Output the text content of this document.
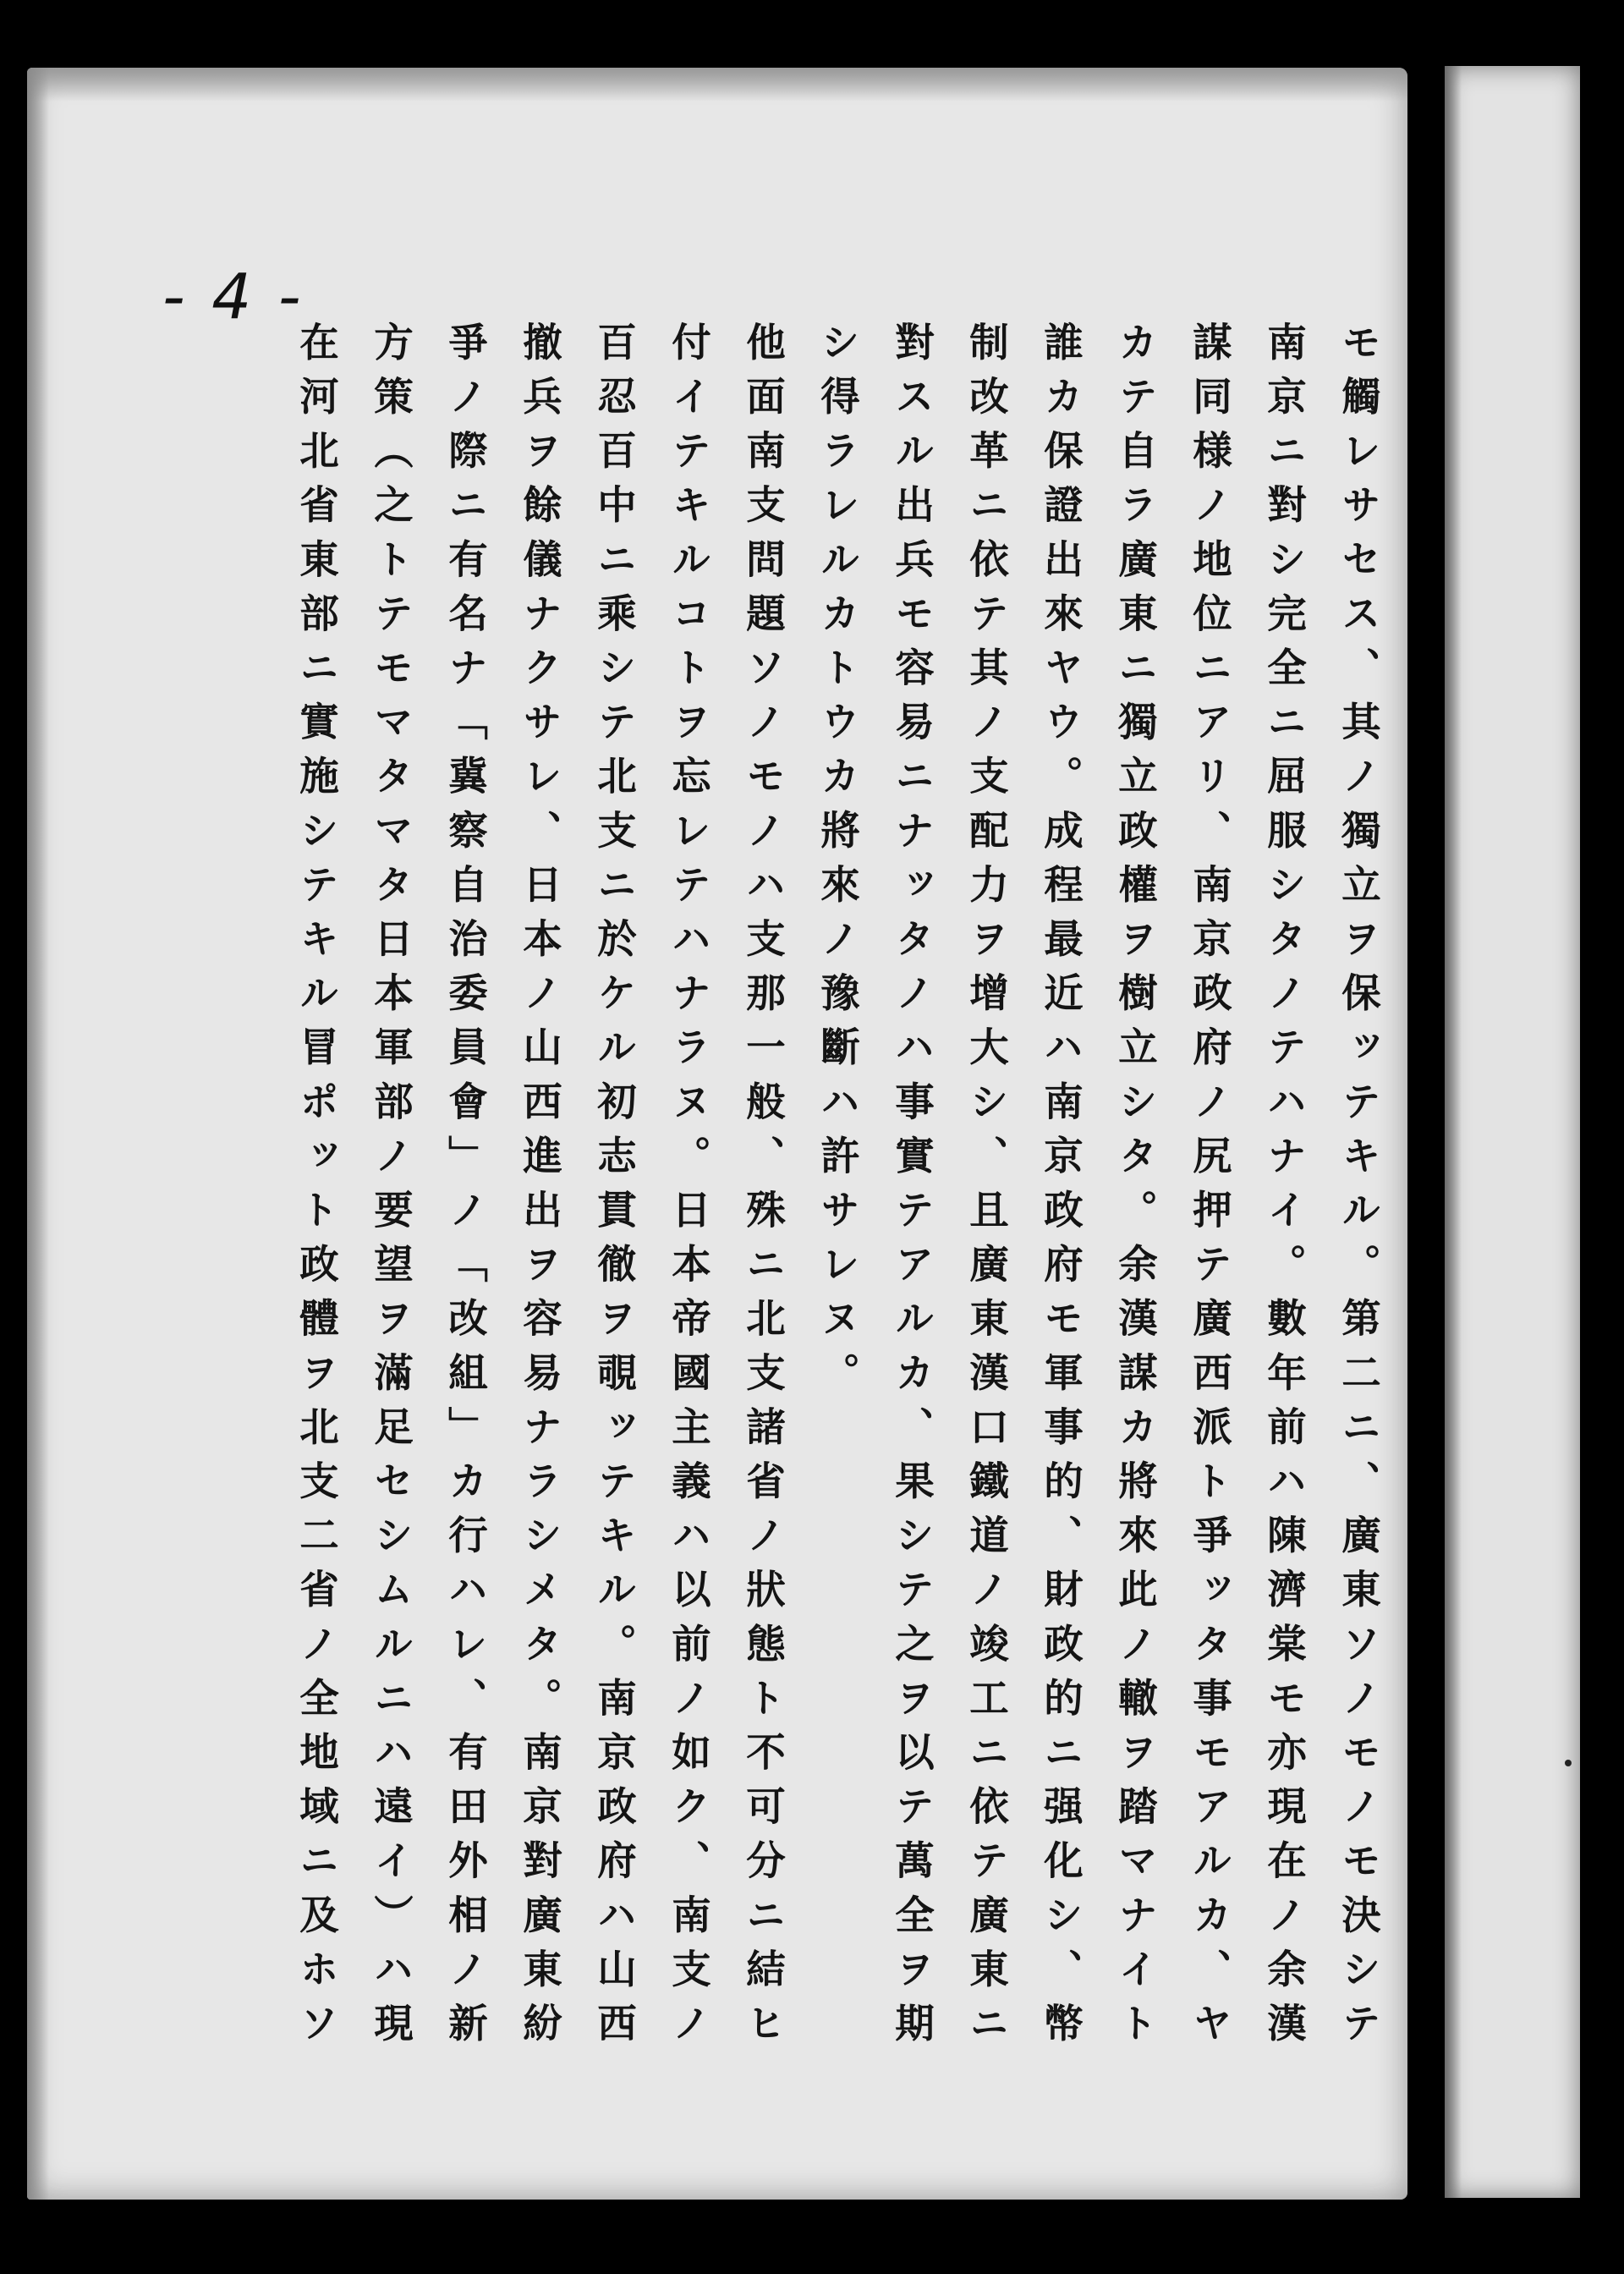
- 4 -
モ觸レサセス、其ノ獨立ヲ保ッテキル。第二ニ、廣東ソノモノモ決シテ
南京ニ對シ完全ニ屈服シタノテハナイ。數年前ハ陳濟棠モ亦現在ノ余漢
謀同様ノ地位ニアリ、南京政府ノ尻押テ廣西派ト爭ッタ事モアルカ、ヤ
カテ自ラ廣東ニ獨立政權ヲ樹立シタ。余漢謀カ將來此ノ轍ヲ踏マナイト
誰カ保證出來ヤウ。成程最近ハ南京政府モ軍事的、財政的ニ强化シ、幣
制改革ニ依テ其ノ支配力ヲ增大シ、且廣東漢口鐵道ノ竣工ニ依テ廣東ニ
對スル出兵モ容易ニナッタノハ事實テアルカ、果シテ之ヲ以テ萬全ヲ期
シ得ラレルカトウカ將來ノ豫斷ハ許サレヌ。
他面南支問題ソノモノハ支那一般、殊ニ北支諸省ノ狀態ト不可分ニ結ヒ
付イテキルコトヲ忘レテハナラヌ。日本帝國主義ハ以前ノ如ク、南支ノ
百忍百中ニ乘シテ北支ニ於ケル初志貫徹ヲ覗ッテキル。南京政府ハ山西
撤兵ヲ餘儀ナクサレ、日本ノ山西進出ヲ容易ナラシメタ。南京對廣東紛
爭ノ際ニ有名ナ「冀察自治委員會」ノ「改組」カ行ハレ、有田外相ノ新
方策（之トテモマタマタ日本軍部ノ要望ヲ滿足セシムルニハ遠イ）ハ現
在河北省東部ニ實施シテキル冒ポット政體ヲ北支二省ノ全地域ニ及ホソ
